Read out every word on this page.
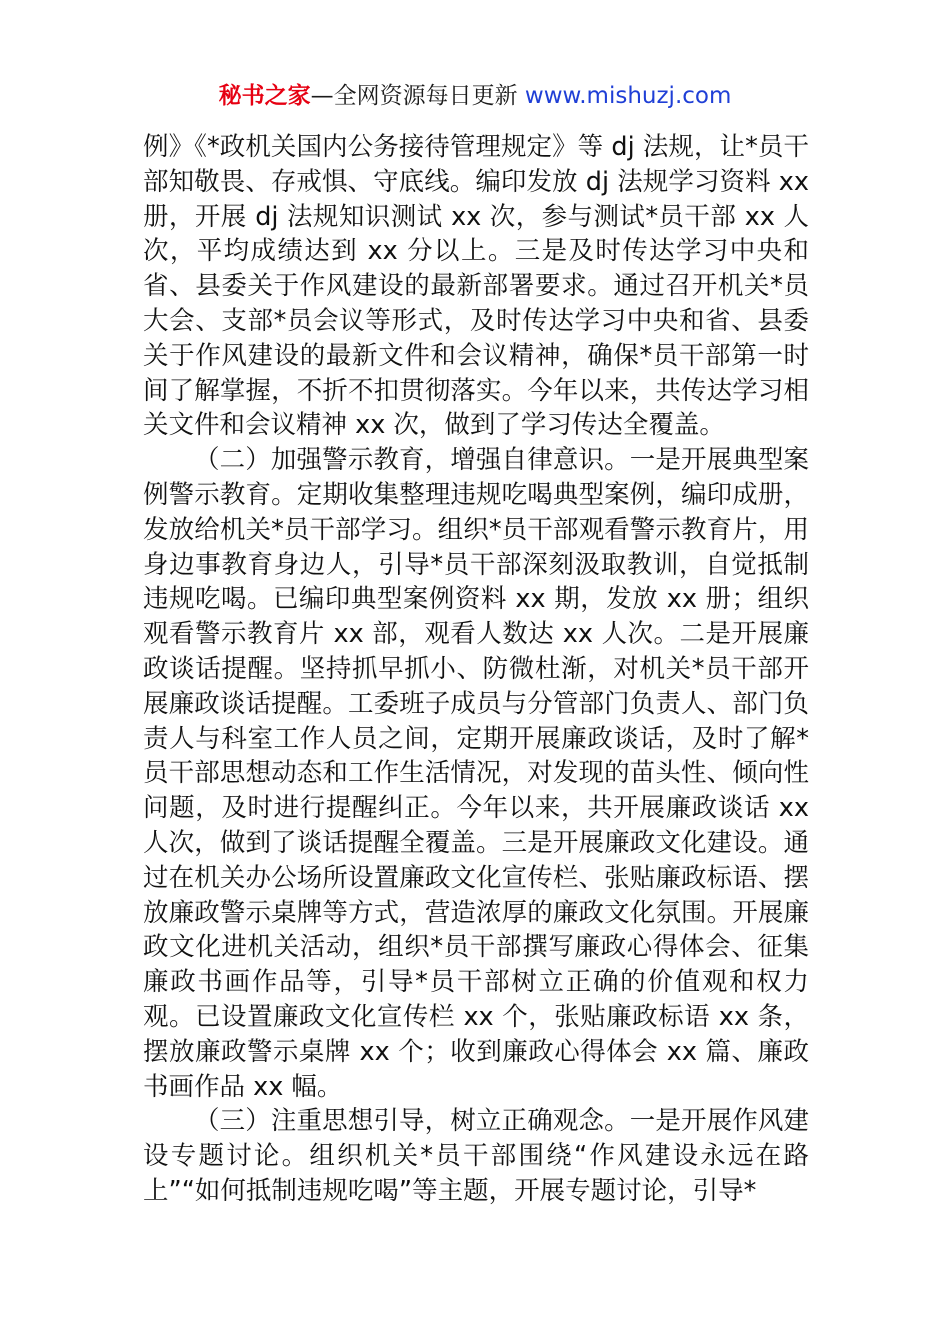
秘书之家—全网资源每日更新 www.mishuzj.com

例》《*政机关国内公务接待管理规定》等 dj 法规，让*员干部知敬畏、存戒惧、守底线。编印发放 dj 法规学习资料 xx 册，开展 dj 法规知识测试 xx 次，参与测试*员干部 xx 人次，平均成绩达到 xx 分以上。三是及时传达学习中央和省、县委关于作风建设的最新部署要求。通过召开机关*员大会、支部*员会议等形式，及时传达学习中央和省、县委关于作风建设的最新文件和会议精神，确保*员干部第一时间了解掌握，不折不扣贯彻落实。今年以来，共传达学习相关文件和会议精神 xx 次，做到了学习传达全覆盖。

（二）加强警示教育，增强自律意识。一是开展典型案例警示教育。定期收集整理违规吃喝典型案例，编印成册，发放给机关*员干部学习。组织*员干部观看警示教育片，用身边事教育身边人，引导*员干部深刻汲取教训，自觉抵制违规吃喝。已编印典型案例资料 xx 期，发放 xx 册；组织观看警示教育片 xx 部，观看人数达 xx 人次。二是开展廉政谈话提醒。坚持抓早抓小、防微杜渐，对机关*员干部开展廉政谈话提醒。工委班子成员与分管部门负责人、部门负责人与科室工作人员之间，定期开展廉政谈话，及时了解*员干部思想动态和工作生活情况，对发现的苗头性、倾向性问题，及时进行提醒纠正。今年以来，共开展廉政谈话 xx 人次，做到了谈话提醒全覆盖。三是开展廉政文化建设。通过在机关办公场所设置廉政文化宣传栏、张贴廉政标语、摆放廉政警示桌牌等方式，营造浓厚的廉政文化氛围。开展廉政文化进机关活动，组织*员干部撰写廉政心得体会、征集廉政书画作品等，引导*员干部树立正确的价值观和权力观。已设置廉政文化宣传栏 xx 个，张贴廉政标语 xx 条，摆放廉政警示桌牌 xx 个；收到廉政心得体会 xx 篇、廉政书画作品 xx 幅。

（三）注重思想引导，树立正确观念。一是开展作风建设专题讨论。组织机关*员干部围绕“作风建设永远在路上”“如何抵制违规吃喝”等主题，开展专题讨论，引导*
